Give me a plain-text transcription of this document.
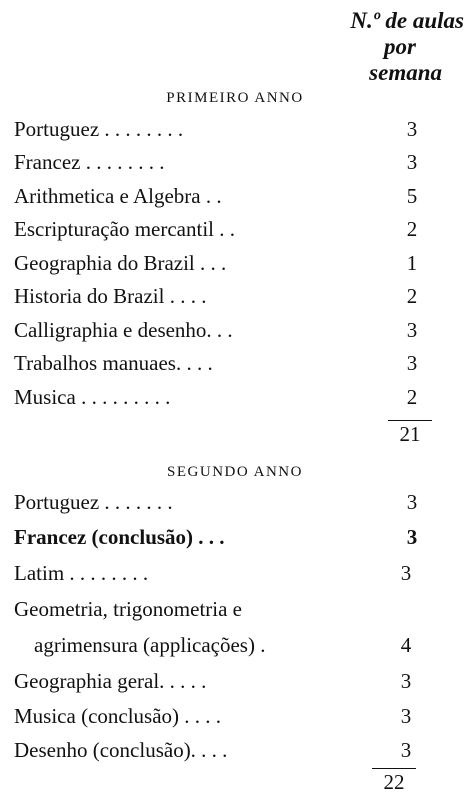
N.º de aulas
por
semana
PRIMEIRO ANNO
Portuguez . . . . . . . .	3
Francez . . . . . . . .	3
Arithmetica e Algebra . .	5
Escripturação mercantil . .	2
Geographia do Brazil . . .	1
Historia do Brazil . . . .	2
Calligraphia e desenho. . .	3
Trabalhos manuaes. . . .	3
Musica . . . . . . . . .	2
21
SEGUNDO ANNO
Portuguez . . . . . . .	3
Francez (conclusão) . . .	3
Latim . . . . . . . .	3
Geometria, trigonometria e
agrimensura (applicações) .	4
Geographia geral. . . . .	3
Musica (conclusão) . . . .	3
Desenho (conclusão). . . .	3
22
